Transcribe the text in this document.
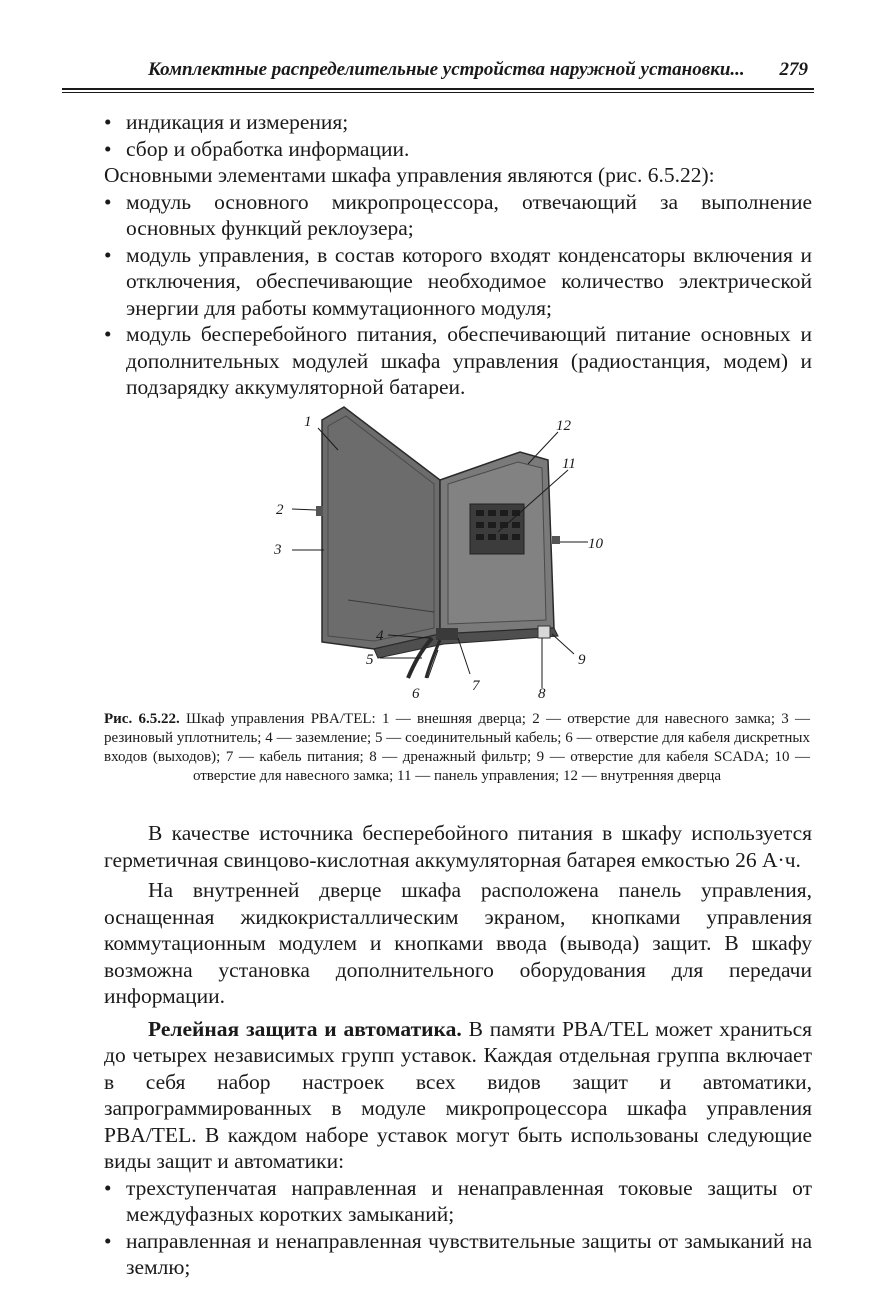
Комплектные распределительные устройства наружной установки... 279
• индикация и измерения;
• сбор и обработка информации.
Основными элементами шкафа управления являются (рис. 6.5.22):
• модуль основного микропроцессора, отвечающий за выполнение основных функций реклоузера;
• модуль управления, в состав которого входят конденсаторы включения и отключения, обеспечивающие необходимое количество электрической энергии для работы коммутационного модуля;
• модуль бесперебойного питания, обеспечивающий питание основных и дополнительных модулей шкафа управления (радиостанция, модем) и подзарядку аккумуляторной батареи.
1
2
3
4
5
6	7	8
9
10
11
12
Рис. 6.5.22. Шкаф управления PBA/TEL: 1 — внешняя дверца; 2 — отверстие для навесного замка; 3 — резиновый уплотнитель; 4 — заземление; 5 — соединительный кабель; 6 — отверстие для кабеля дискретных входов (выходов); 7 — кабель питания; 8 — дренажный фильтр; 9 — отверстие для кабеля SCADA; 10 — отверстие для навесного замка; 11 — панель управления; 12 — внутренняя дверца
В качестве источника бесперебойного питания в шкафу используется герметичная свинцово-кислотная аккумуляторная батарея емкостью 26 А·ч.
На внутренней дверце шкафа расположена панель управления, оснащенная жидкокристаллическим экраном, кнопками управления коммутационным модулем и кнопками ввода (вывода) защит. В шкафу возможна установка дополнительного оборудования для передачи информации.
Релейная защита и автоматика. В памяти PBA/TEL может храниться до четырех независимых групп уставок. Каждая отдельная группа включает в себя набор настроек всех видов защит и автоматики, запрограммированных в модуле микропроцессора шкафа управления PBA/TEL. В каждом наборе уставок могут быть использованы следующие виды защит и автоматики:
• трехступенчатая направленная и ненаправленная токовые защиты от междуфазных коротких замыканий;
• направленная и ненаправленная чувствительные защиты от замыканий на землю;
